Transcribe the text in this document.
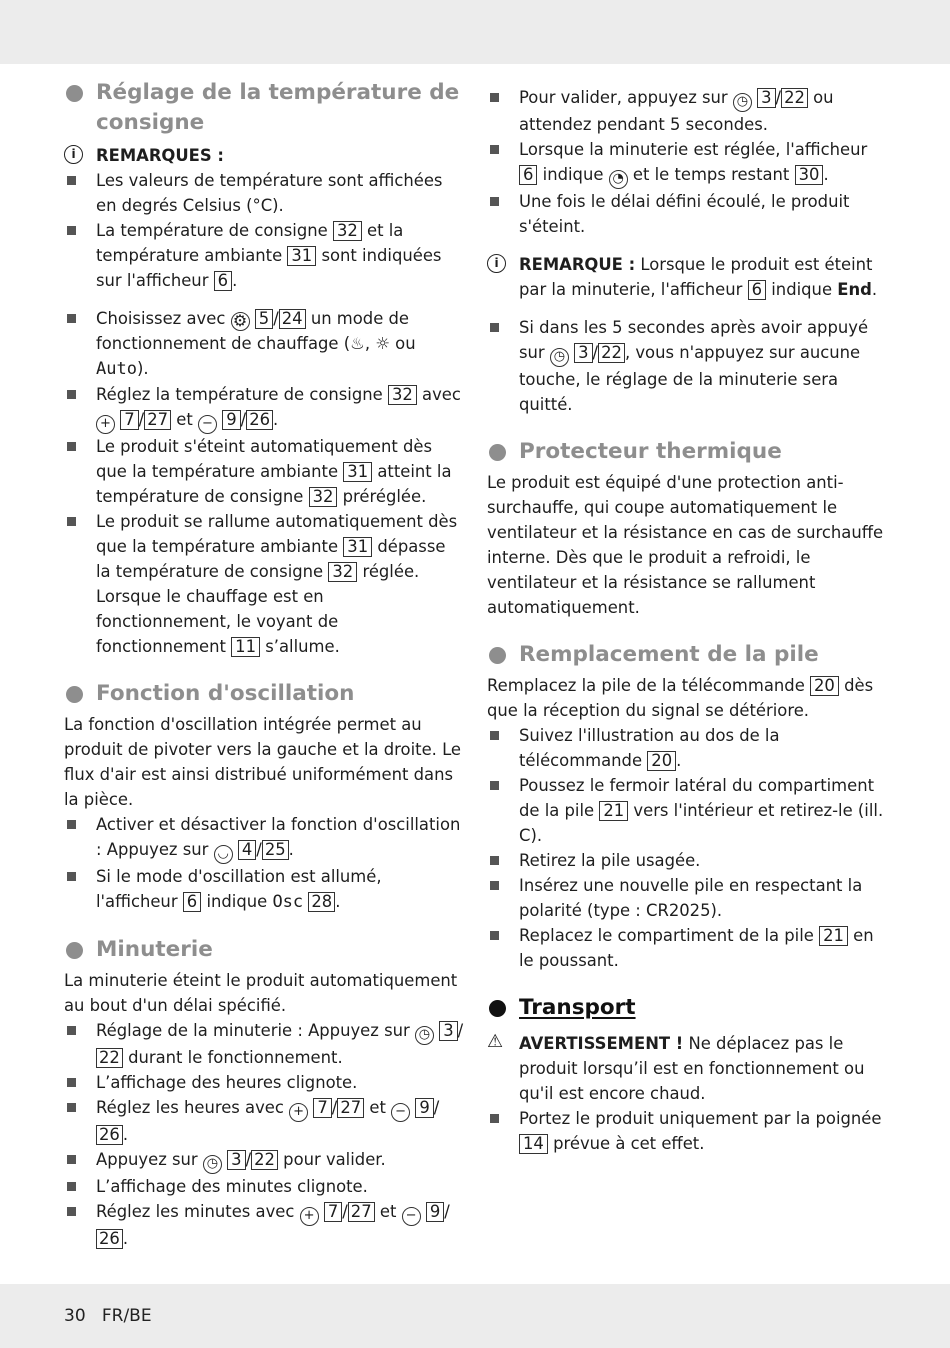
Réglage de la température de
consigne
i	REMARQUES :

Les valeurs de température sont affichées en degrés Celsius (°C).
La température de consigne 32 et la température ambiante 31 sont indiquées sur l'afficheur 6 .
Choisissez avec ⚙ 5 / 24 un mode de fonctionnement de chauffage (♨, ☼ ou Auto).
Réglez la température de consigne 32 avec + 7 / 27 et − 9 / 26 .
Le produit s'éteint automatiquement dès que la température ambiante 31 atteint la température de consigne 32 préréglée.
Le produit se rallume automatiquement dès que la température ambiante 31 dépasse la température de consigne 32 réglée. Lorsque le chauffage est en fonctionnement, le voyant de fonctionnement 11 s’allume.
Fonction d'oscillation

La fonction d'oscillation intégrée permet au produit de pivoter vers la gauche et la droite. Le flux d'air est ainsi distribué uniformément dans la pièce.

Activer et désactiver la fonction d'oscillation : Appuyez sur ◡ 4 / 25 .
Si le mode d'oscillation est allumé, l'afficheur 6 indique Osc 28 .
Minuterie

La minuterie éteint le produit automatiquement au bout d'un délai spécifié.

Réglage de la minuterie : Appuyez sur ◷ 3 / 22 durant le fonctionnement.
L’affichage des heures clignote.
Réglez les heures avec + 7 / 27 et − 9 / 26 .
Appuyez sur ◷ 3 / 22 pour valider.
L’affichage des minutes clignote.
Réglez les minutes avec + 7 / 27 et − 9 / 26 .
Pour valider, appuyez sur ◷ 3 / 22 ou attendez pendant 5 secondes.
Lorsque la minuterie est réglée, l'afficheur 6 indique ◔ et le temps restant 30 .
Une fois le délai défini écoulé, le produit s'éteint.
i	REMARQUE : Lorsque le produit est éteint par la minuterie, l'afficheur 6 indique End.

Si dans les 5 secondes après avoir appuyé sur ◷ 3 / 22 , vous n'appuyez sur aucune touche, le réglage de la minuterie sera quitté.
Protecteur thermique

Le produit est équipé d'une protection anti-surchauffe, qui coupe automatiquement le ventilateur et la résistance en cas de surchauffe interne. Dès que le produit a refroidi, le ventilateur et la résistance se rallument automatiquement.

Remplacement de la pile

Remplacez la pile de la télécommande 20 dès que la réception du signal se détériore.

Suivez l'illustration au dos de la télécommande 20 .
Poussez le fermoir latéral du compartiment de la pile 21 vers l'intérieur et retirez-le (ill. C).
Retirez la pile usagée.
Insérez une nouvelle pile en respectant la polarité (type : CR2025).
Replacez le compartiment de la pile 21 en le poussant.
Transport
⚠ AVERTISSEMENT ! Ne déplacez pas le produit lorsqu’il est en fonctionnement ou qu'il est encore chaud.

Portez le produit uniquement par la poignée 14 prévue à cet effet.
30 FR/BE
